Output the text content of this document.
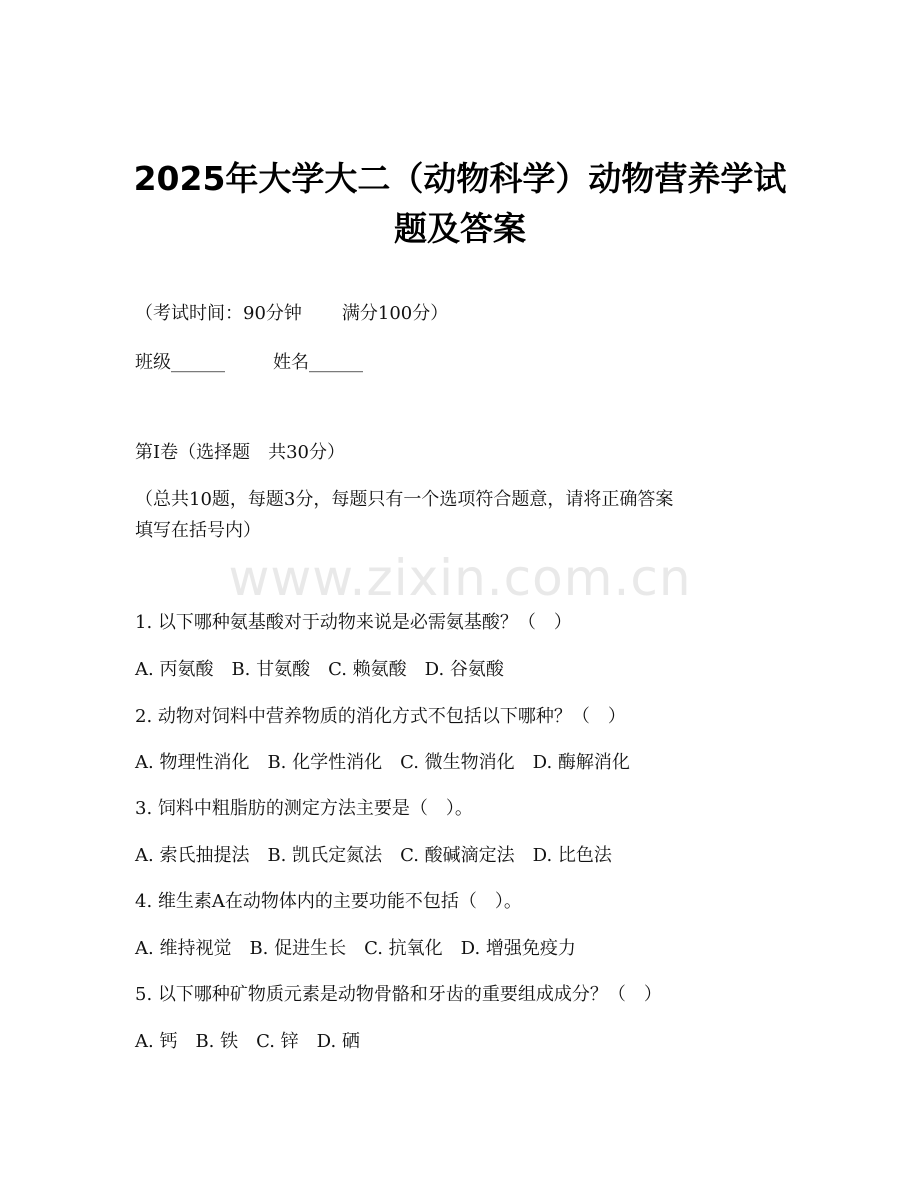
2025年大学大二（动物科学）动物营养学试
题及答案
（考试时间：90分钟 满分100分）
班级______	姓名______
第I卷（选择题　共30分）
（总共10题，每题3分，每题只有一个选项符合题意，请将正确答案
填写在括号内）
www.zixin.com.cn
1. 以下哪种氨基酸对于动物来说是必需氨基酸？（　）
A. 丙氨酸　B. 甘氨酸　C. 赖氨酸　D. 谷氨酸
2. 动物对饲料中营养物质的消化方式不包括以下哪种？（　）
A. 物理性消化　B. 化学性消化　C. 微生物消化　D. 酶解消化
3. 饲料中粗脂肪的测定方法主要是（　）。
A. 索氏抽提法　B. 凯氏定氮法　C. 酸碱滴定法　D. 比色法
4. 维生素A在动物体内的主要功能不包括（　）。
A. 维持视觉　B. 促进生长　C. 抗氧化　D. 增强免疫力
5. 以下哪种矿物质元素是动物骨骼和牙齿的重要组成成分？（　）
A. 钙　B. 铁　C. 锌　D. 硒
